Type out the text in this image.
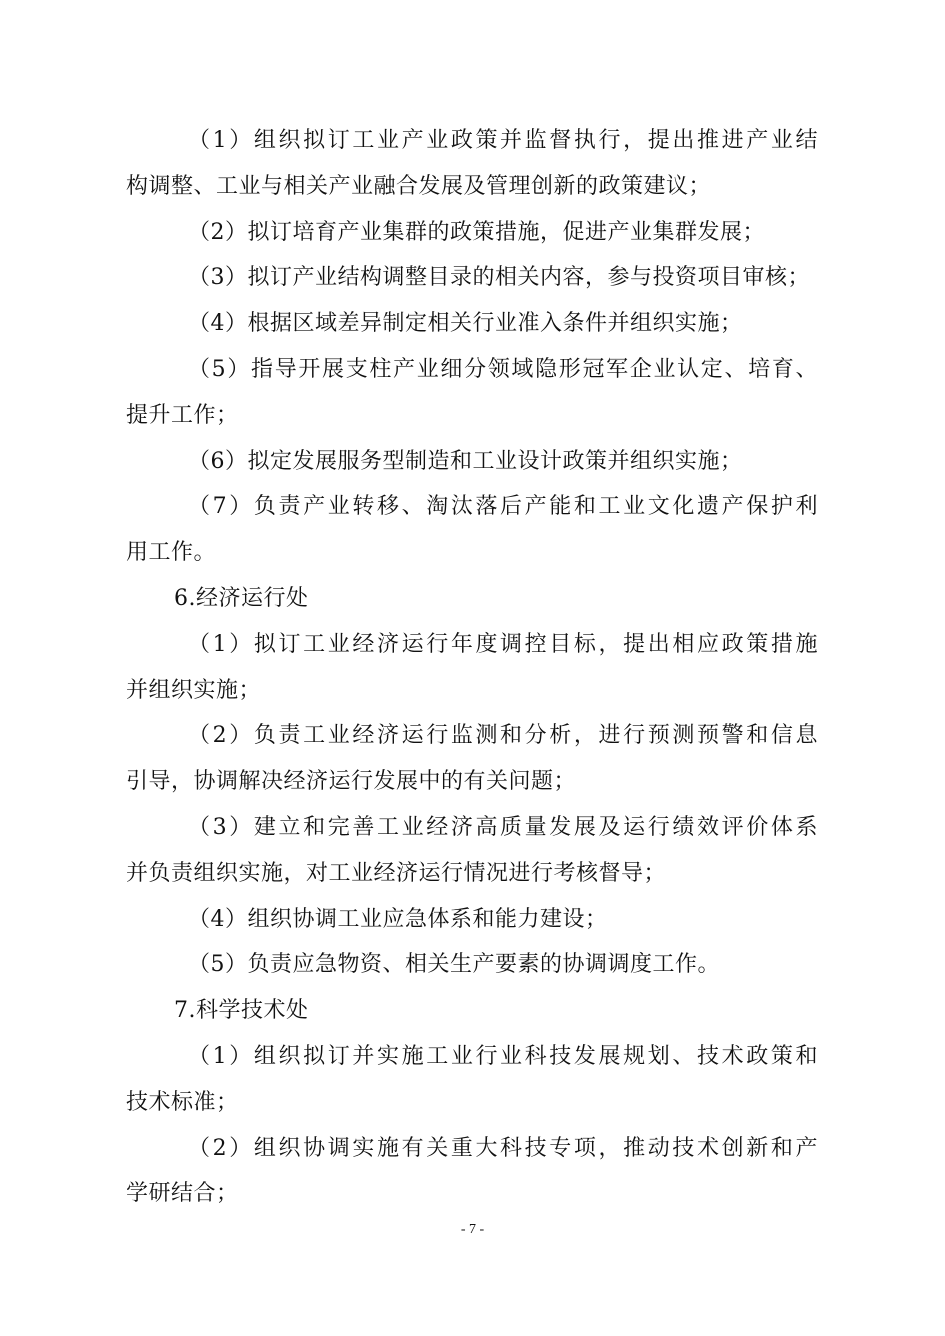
（1）组织拟订工业产业政策并监督执行，提出推进产业结
构调整、工业与相关产业融合发展及管理创新的政策建议；
（2）拟订培育产业集群的政策措施，促进产业集群发展；
（3）拟订产业结构调整目录的相关内容，参与投资项目审核；
（4）根据区域差异制定相关行业准入条件并组织实施；
（5）指导开展支柱产业细分领域隐形冠军企业认定、培育、
提升工作；
（6）拟定发展服务型制造和工业设计政策并组织实施；
（7）负责产业转移、淘汰落后产能和工业文化遗产保护利
用工作。
6.经济运行处
（1）拟订工业经济运行年度调控目标，提出相应政策措施
并组织实施；
（2）负责工业经济运行监测和分析，进行预测预警和信息
引导，协调解决经济运行发展中的有关问题；
（3）建立和完善工业经济高质量发展及运行绩效评价体系
并负责组织实施，对工业经济运行情况进行考核督导；
（4）组织协调工业应急体系和能力建设；
（5）负责应急物资、相关生产要素的协调调度工作。
7.科学技术处
（1）组织拟订并实施工业行业科技发展规划、技术政策和
技术标准；
（2）组织协调实施有关重大科技专项，推动技术创新和产
学研结合；
- 7 -
